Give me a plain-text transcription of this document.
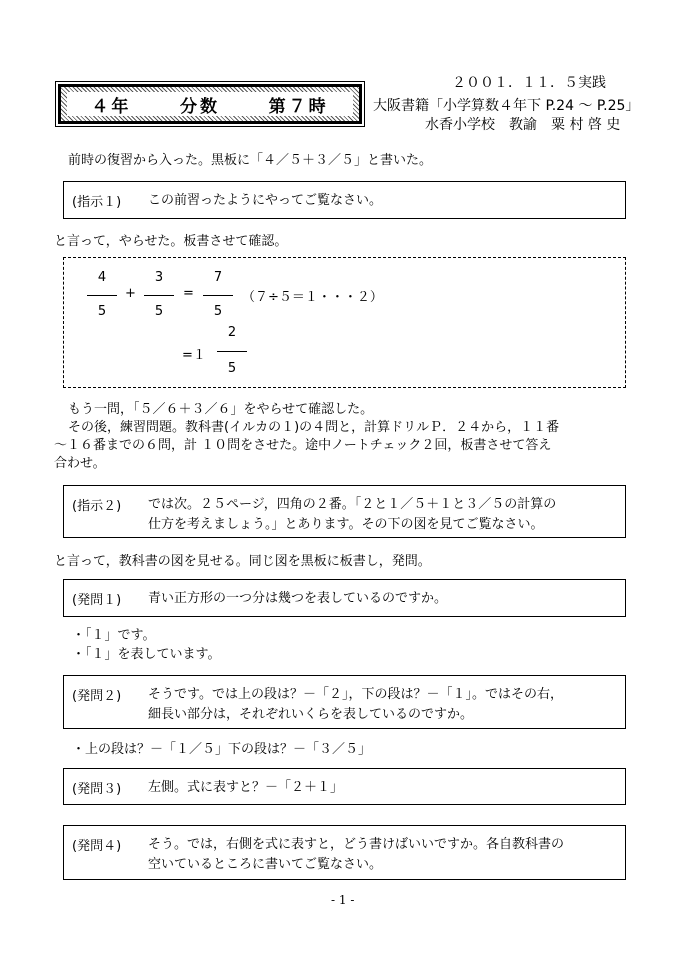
２００１．１１．５実践
４年	分数	第７時	大阪書籍「小学算数４年下 P.24 ～ P.25」
水香小学校　教諭　粟 村 啓 史
前時の復習から入った。黒板に「４／５＋３／５」と書いた。
(指示１) この前習ったようにやってご覧なさい。
と言って，やらせた。板書させて確認。
4
5
+
3
5
=
7
5
（７÷５＝１・・・２）
=１
2
5
もう一問，「５／６＋３／６」をやらせて確認した。
その後，練習問題。教科書(イルカの１)の４問と，計算ドリルＰ．２４から，１１番
～１６番までの６問，計 １０問をさせた。途中ノートチェック２回，板書させて答え
合わせ。
(指示２) では次。２５ページ，四角の２番。「２と１／５＋１と３／５の計算の
仕方を考えましょう。」とあります。その下の図を見てご覧なさい。
と言って，教科書の図を見せる。同じ図を黒板に板書し，発問。
(発問１) 青い正方形の一つ分は幾つを表しているのですか。
・「１」です。
・「１」を表しています。
(発問２) そうです。では上の段は？－「２」，下の段は？－「１」。ではその右，
細長い部分は，それぞれいくらを表しているのですか。
・上の段は？－「１／５」下の段は？－「３／５」
(発問３) 左側。式に表すと？－「２＋１」
(発問４) そう。では，右側を式に表すと，どう書けばいいですか。各自教科書の
空いているところに書いてご覧なさい。
- 1 -
